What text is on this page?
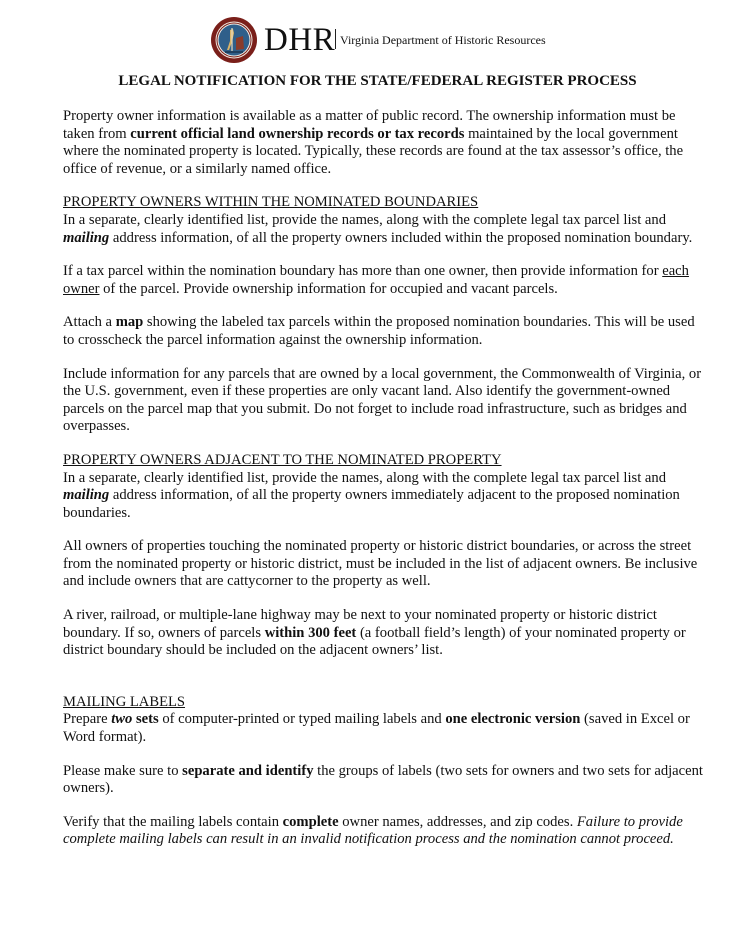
DHR Virginia Department of Historic Resources
LEGAL NOTIFICATION FOR THE STATE/FEDERAL REGISTER PROCESS

Property owner information is available as a matter of public record. The ownership information must be taken from current official land ownership records or tax records maintained by the local government where the nominated property is located. Typically, these records are found at the tax assessor’s office, the office of revenue, or a similarly named office.

PROPERTY OWNERS WITHIN THE NOMINATED BOUNDARIES

In a separate, clearly identified list, provide the names, along with the complete legal tax parcel list and mailing address information, of all the property owners included within the proposed nomination boundary.

If a tax parcel within the nomination boundary has more than one owner, then provide information for each owner of the parcel. Provide ownership information for occupied and vacant parcels.

Attach a map showing the labeled tax parcels within the proposed nomination boundaries. This will be used to crosscheck the parcel information against the ownership information.

Include information for any parcels that are owned by a local government, the Commonwealth of Virginia, or the U.S. government, even if these properties are only vacant land. Also identify the government-owned parcels on the parcel map that you submit. Do not forget to include road infrastructure, such as bridges and overpasses.

PROPERTY OWNERS ADJACENT TO THE NOMINATED PROPERTY

In a separate, clearly identified list, provide the names, along with the complete legal tax parcel list and mailing address information, of all the property owners immediately adjacent to the proposed nomination boundaries.

All owners of properties touching the nominated property or historic district boundaries, or across the street from the nominated property or historic district, must be included in the list of adjacent owners. Be inclusive and include owners that are cattycorner to the property as well.

A river, railroad, or multiple-lane highway may be next to your nominated property or historic district boundary. If so, owners of parcels within 300 feet (a football field’s length) of your nominated property or district boundary should be included on the adjacent owners’ list.

MAILING LABELS

Prepare two sets of computer-printed or typed mailing labels and one electronic version (saved in Excel or Word format).

Please make sure to separate and identify the groups of labels (two sets for owners and two sets for adjacent owners).

Verify that the mailing labels contain complete owner names, addresses, and zip codes. Failure to provide complete mailing labels can result in an invalid notification process and the nomination cannot proceed.
